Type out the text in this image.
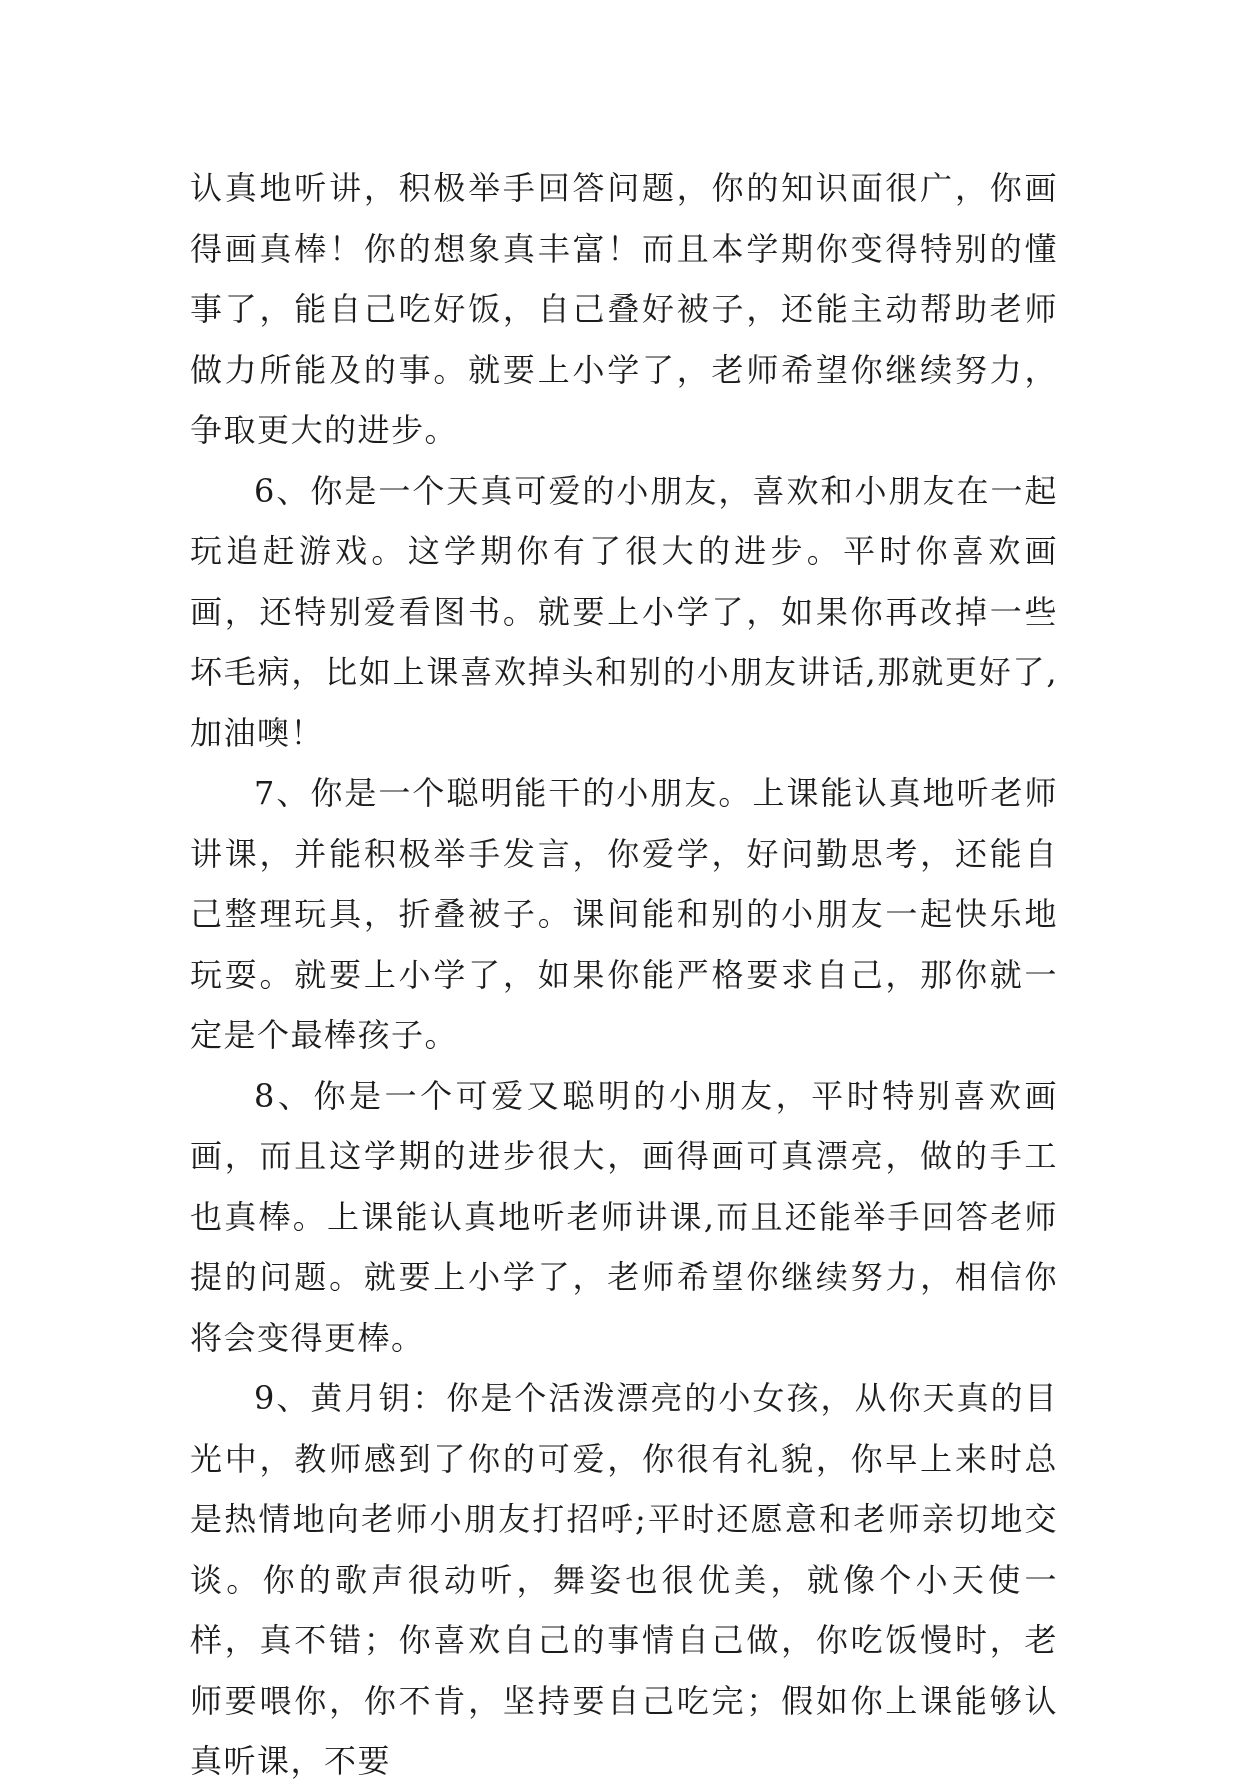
认真地听讲，积极举手回答问题，你的知识面很广，你画得画真棒！你的想象真丰富！而且本学期你变得特别的懂事了，能自己吃好饭，自己叠好被子，还能主动帮助老师做力所能及的事。就要上小学了，老师希望你继续努力，争取更大的进步。

6、你是一个天真可爱的小朋友，喜欢和小朋友在一起玩追赶游戏。这学期你有了很大的进步。平时你喜欢画画，还特别爱看图书。就要上小学了，如果你再改掉一些坏毛病，比如上课喜欢掉头和别的小朋友讲话,那就更好了,加油噢！

7、你是一个聪明能干的小朋友。上课能认真地听老师讲课，并能积极举手发言，你爱学，好问勤思考，还能自己整理玩具，折叠被子。课间能和别的小朋友一起快乐地玩耍。就要上小学了，如果你能严格要求自己，那你就一定是个最棒孩子。

8、你是一个可爱又聪明的小朋友，平时特别喜欢画画，而且这学期的进步很大，画得画可真漂亮，做的手工也真棒。上课能认真地听老师讲课,而且还能举手回答老师提的问题。就要上小学了，老师希望你继续努力，相信你将会变得更棒。

9、黄月钥：你是个活泼漂亮的小女孩，从你天真的目光中，教师感到了你的可爱，你很有礼貌，你早上来时总是热情地向老师小朋友打招呼;平时还愿意和老师亲切地交谈。你的歌声很动听，舞姿也很优美，就像个小天使一样，真不错；你喜欢自己的事情自己做，你吃饭慢时，老师要喂你，你不肯，坚持要自己吃完；假如你上课能够认真听课，不要
